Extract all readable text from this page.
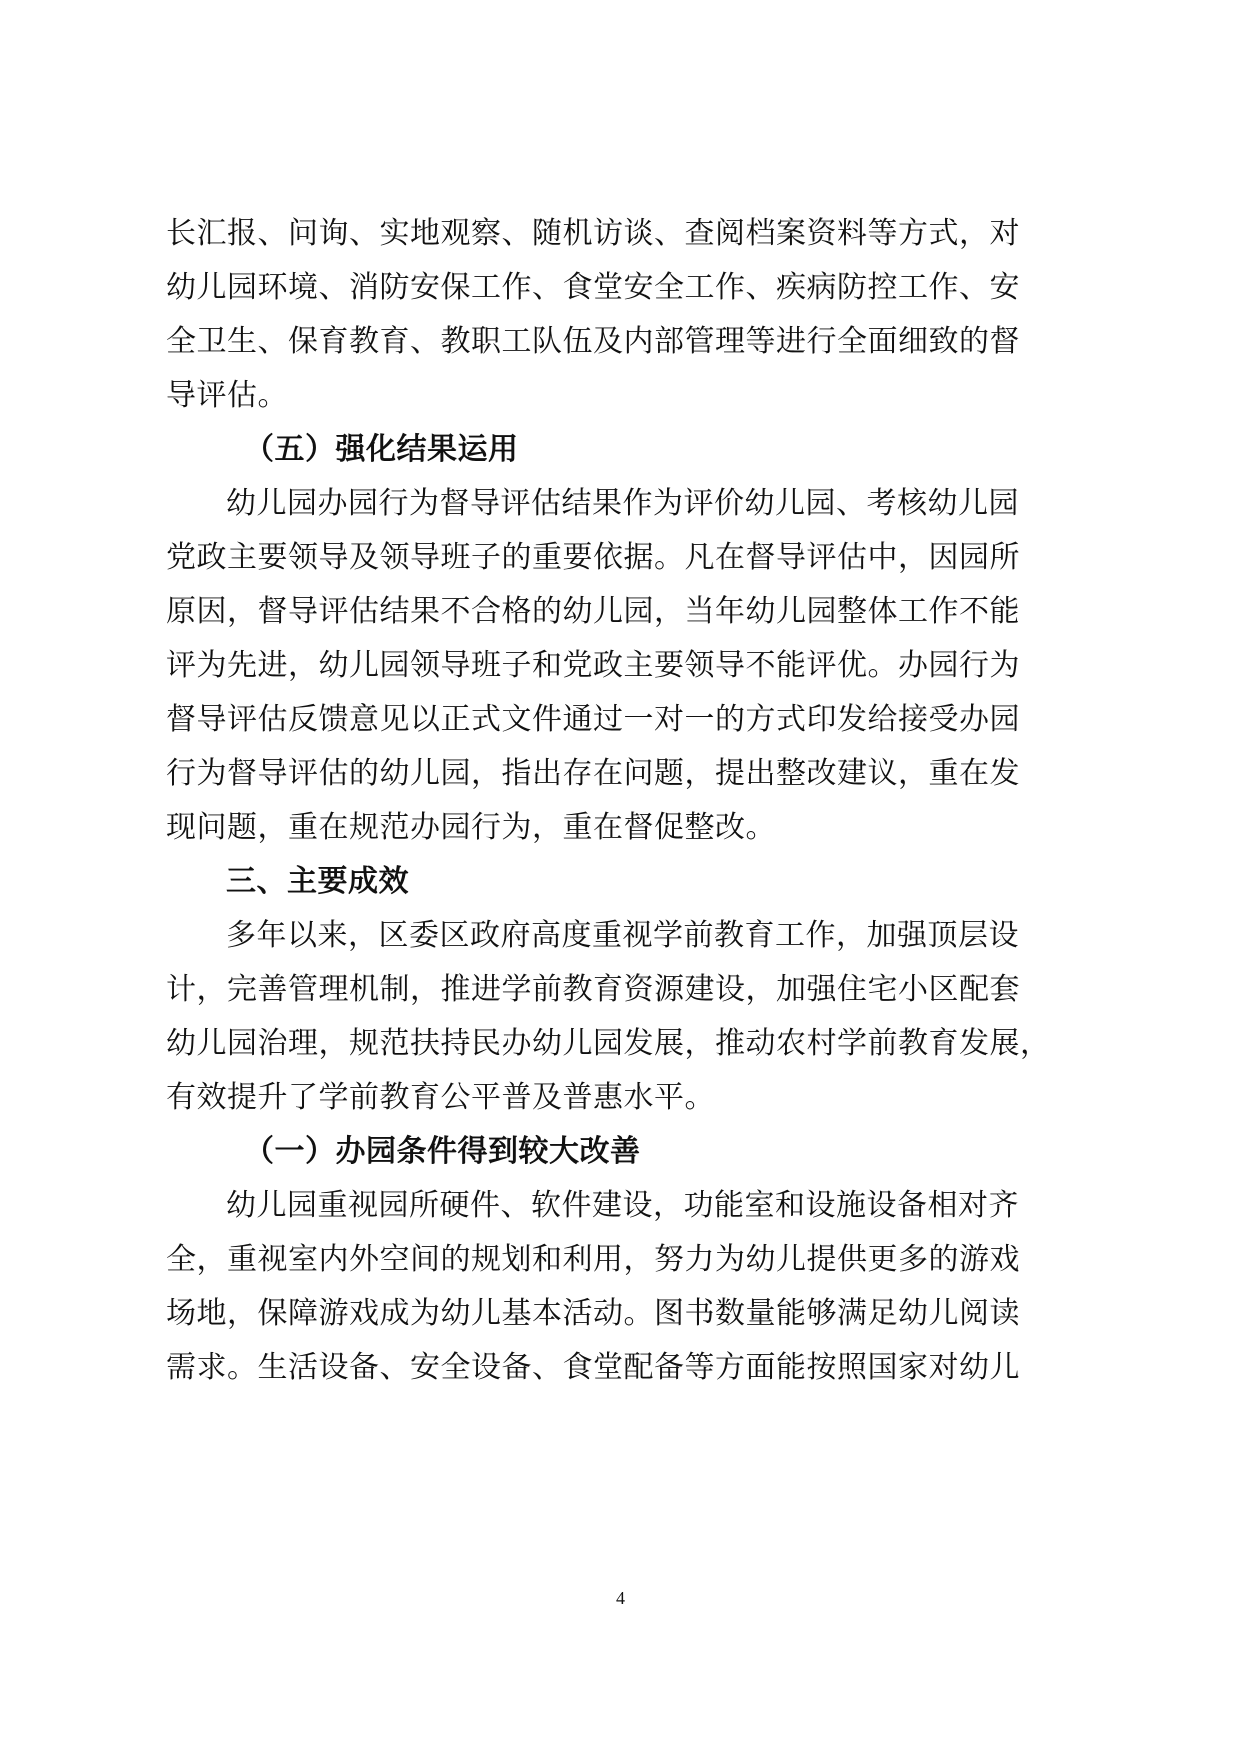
长汇报、问询、实地观察、随机访谈、查阅档案资料等方式，对
幼儿园环境、消防安保工作、食堂安全工作、疾病防控工作、安
全卫生、保育教育、教职工队伍及内部管理等进行全面细致的督
导评估。
（五）强化结果运用
幼儿园办园行为督导评估结果作为评价幼儿园、考核幼儿园
党政主要领导及领导班子的重要依据。凡在督导评估中，因园所
原因，督导评估结果不合格的幼儿园，当年幼儿园整体工作不能
评为先进，幼儿园领导班子和党政主要领导不能评优。办园行为
督导评估反馈意见以正式文件通过一对一的方式印发给接受办园
行为督导评估的幼儿园，指出存在问题，提出整改建议，重在发
现问题，重在规范办园行为，重在督促整改。
三、主要成效
多年以来，区委区政府高度重视学前教育工作，加强顶层设
计，完善管理机制，推进学前教育资源建设，加强住宅小区配套
幼儿园治理，规范扶持民办幼儿园发展，推动农村学前教育发展，
有效提升了学前教育公平普及普惠水平。
（一）办园条件得到较大改善
幼儿园重视园所硬件、软件建设，功能室和设施设备相对齐
全，重视室内外空间的规划和利用，努力为幼儿提供更多的游戏
场地，保障游戏成为幼儿基本活动。图书数量能够满足幼儿阅读
需求。生活设备、安全设备、食堂配备等方面能按照国家对幼儿
4
